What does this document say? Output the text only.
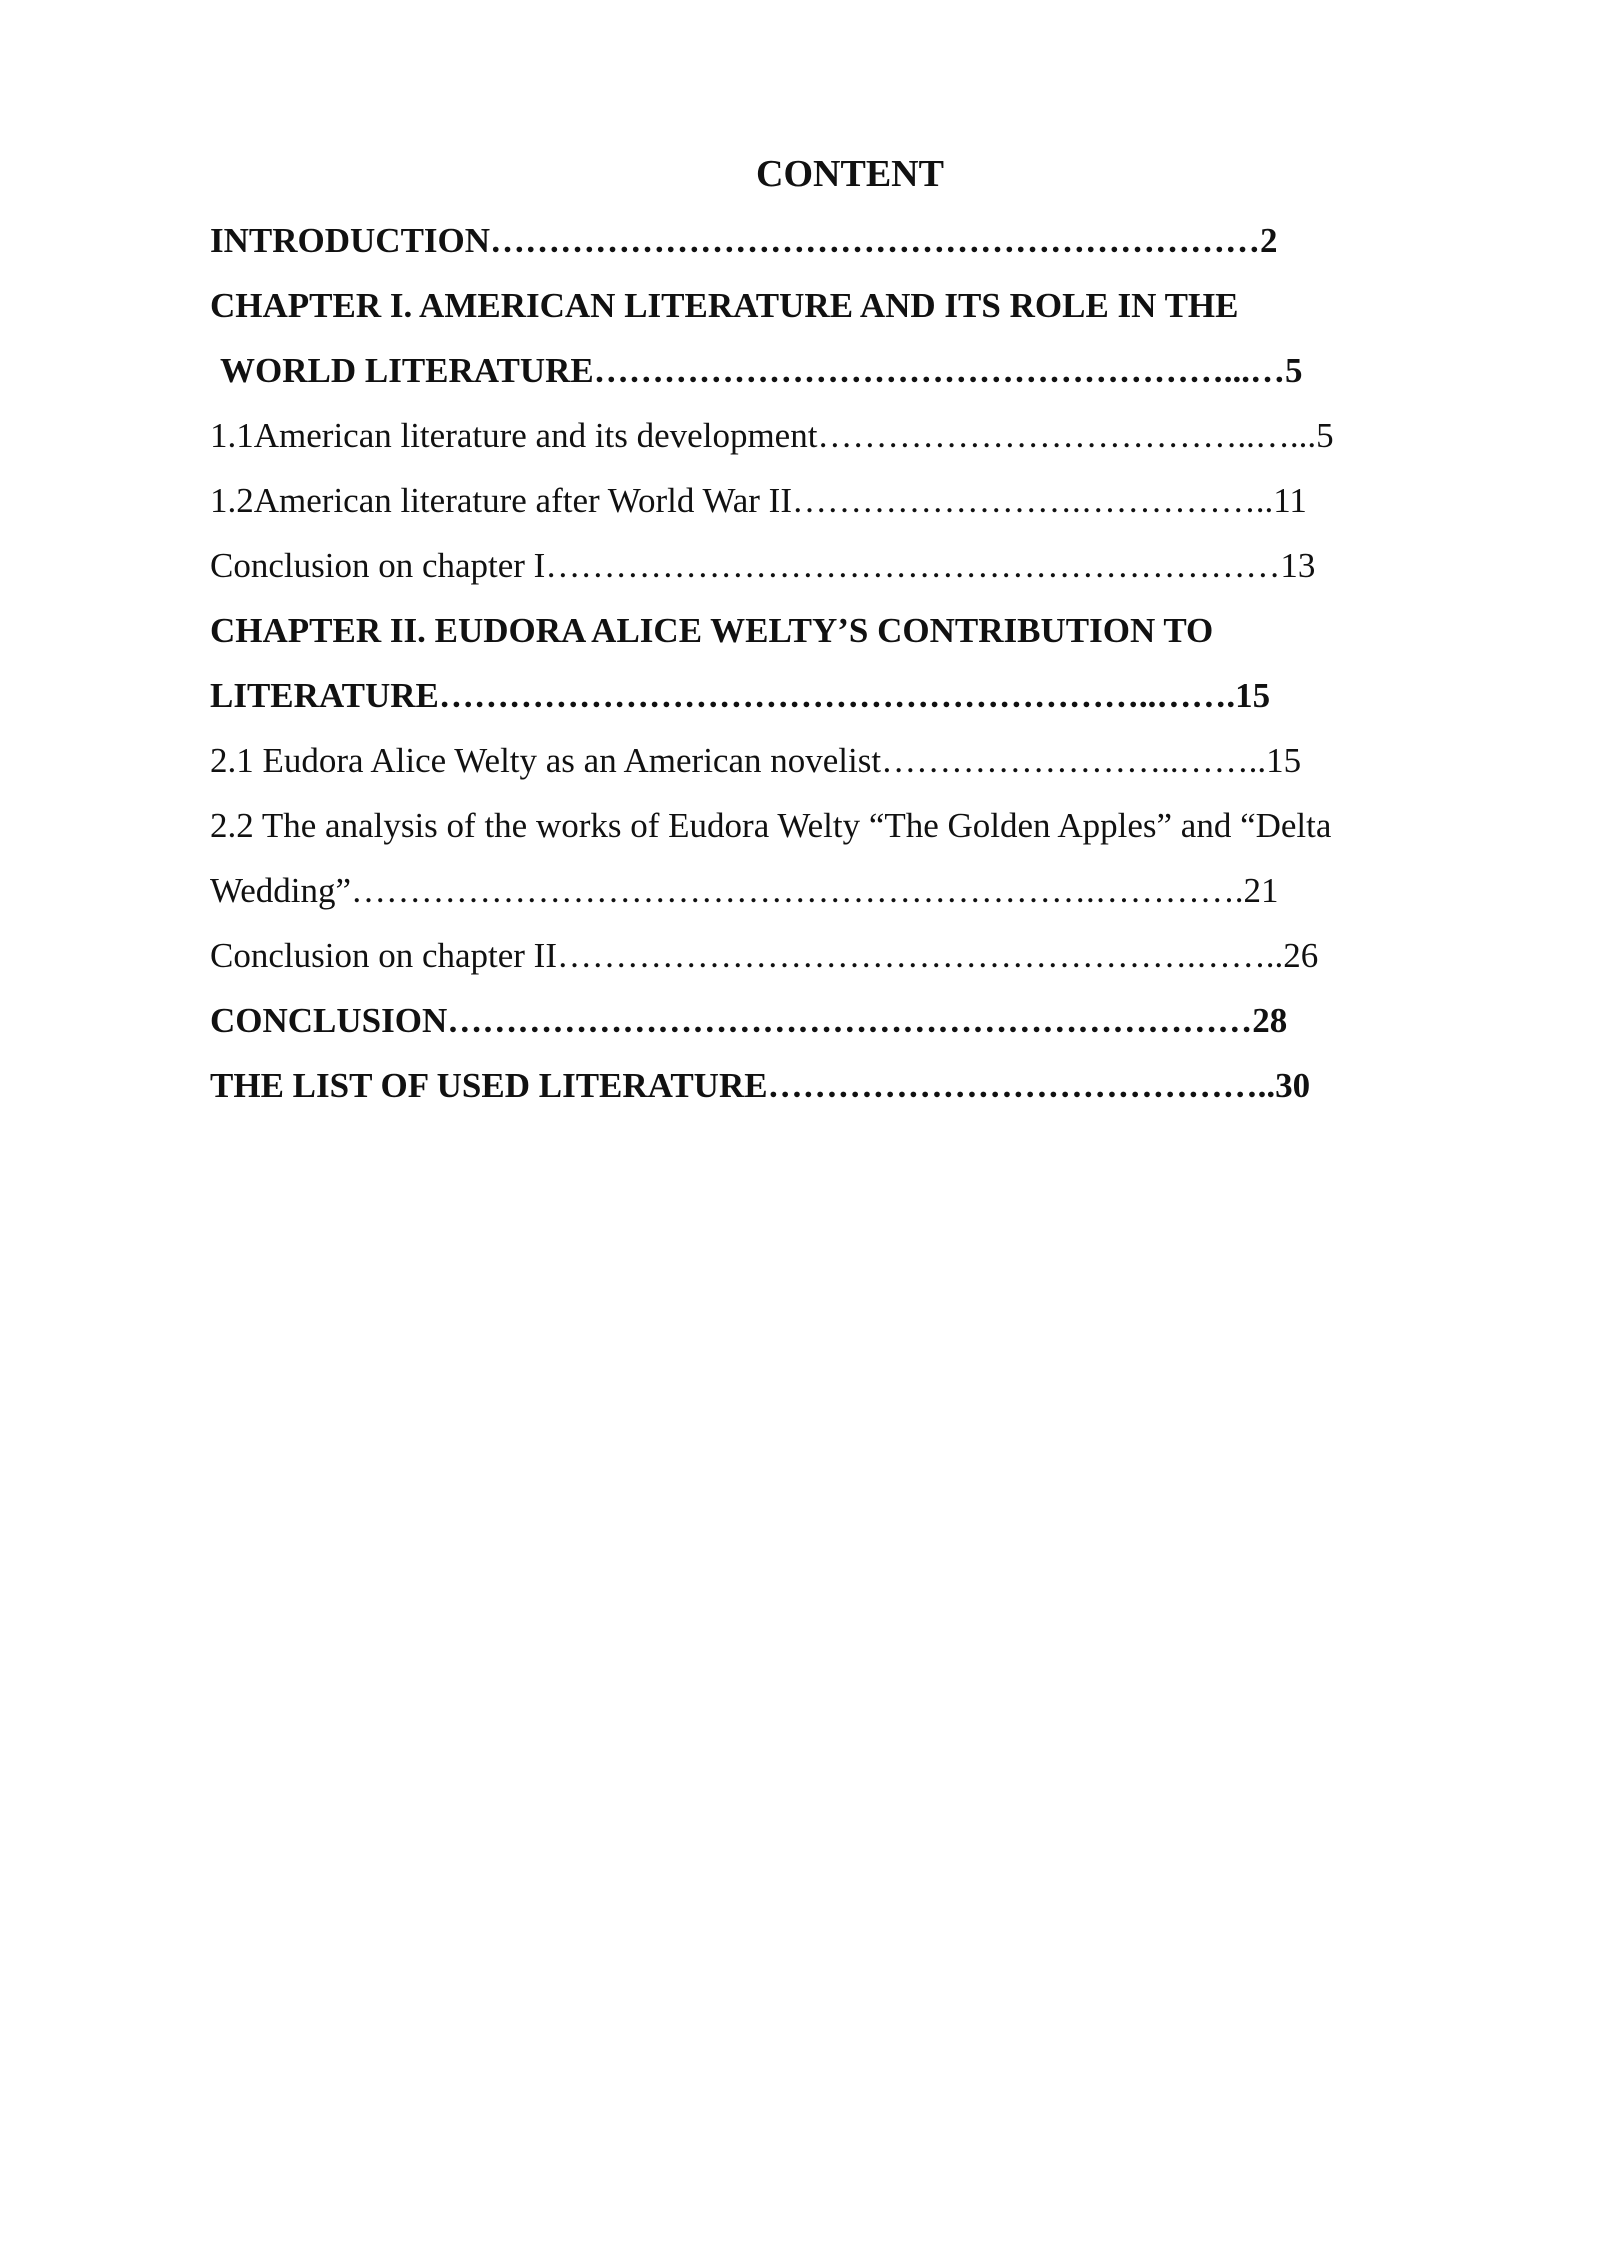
CONTENT
INTRODUCTION…………………………………………………………2
CHAPTER I. AMERICAN LITERATURE AND ITS ROLE IN THE
WORLD LITERATURE………………………………………………...…5
1.1American literature and its development………………………………..…...5
1.2American literature after World War II…………………….……………..11
Conclusion on chapter I………………………………………………………13
CHAPTER II. EUDORA ALICE WELTY’S CONTRIBUTION TO
LITERATURE……………………………………………………..…….15
2.1 Eudora Alice Welty as an American novelist……………………..……..15
2.2 The analysis of the works of Eudora Welty “The Golden Apples” and “Delta
Wedding”……………………………………………………….………….21
Conclusion on chapter II……………………………………………….……..26
CONCLUSION……………………………………………………………28
THE LIST OF USED LITERATURE……………………………………..30
